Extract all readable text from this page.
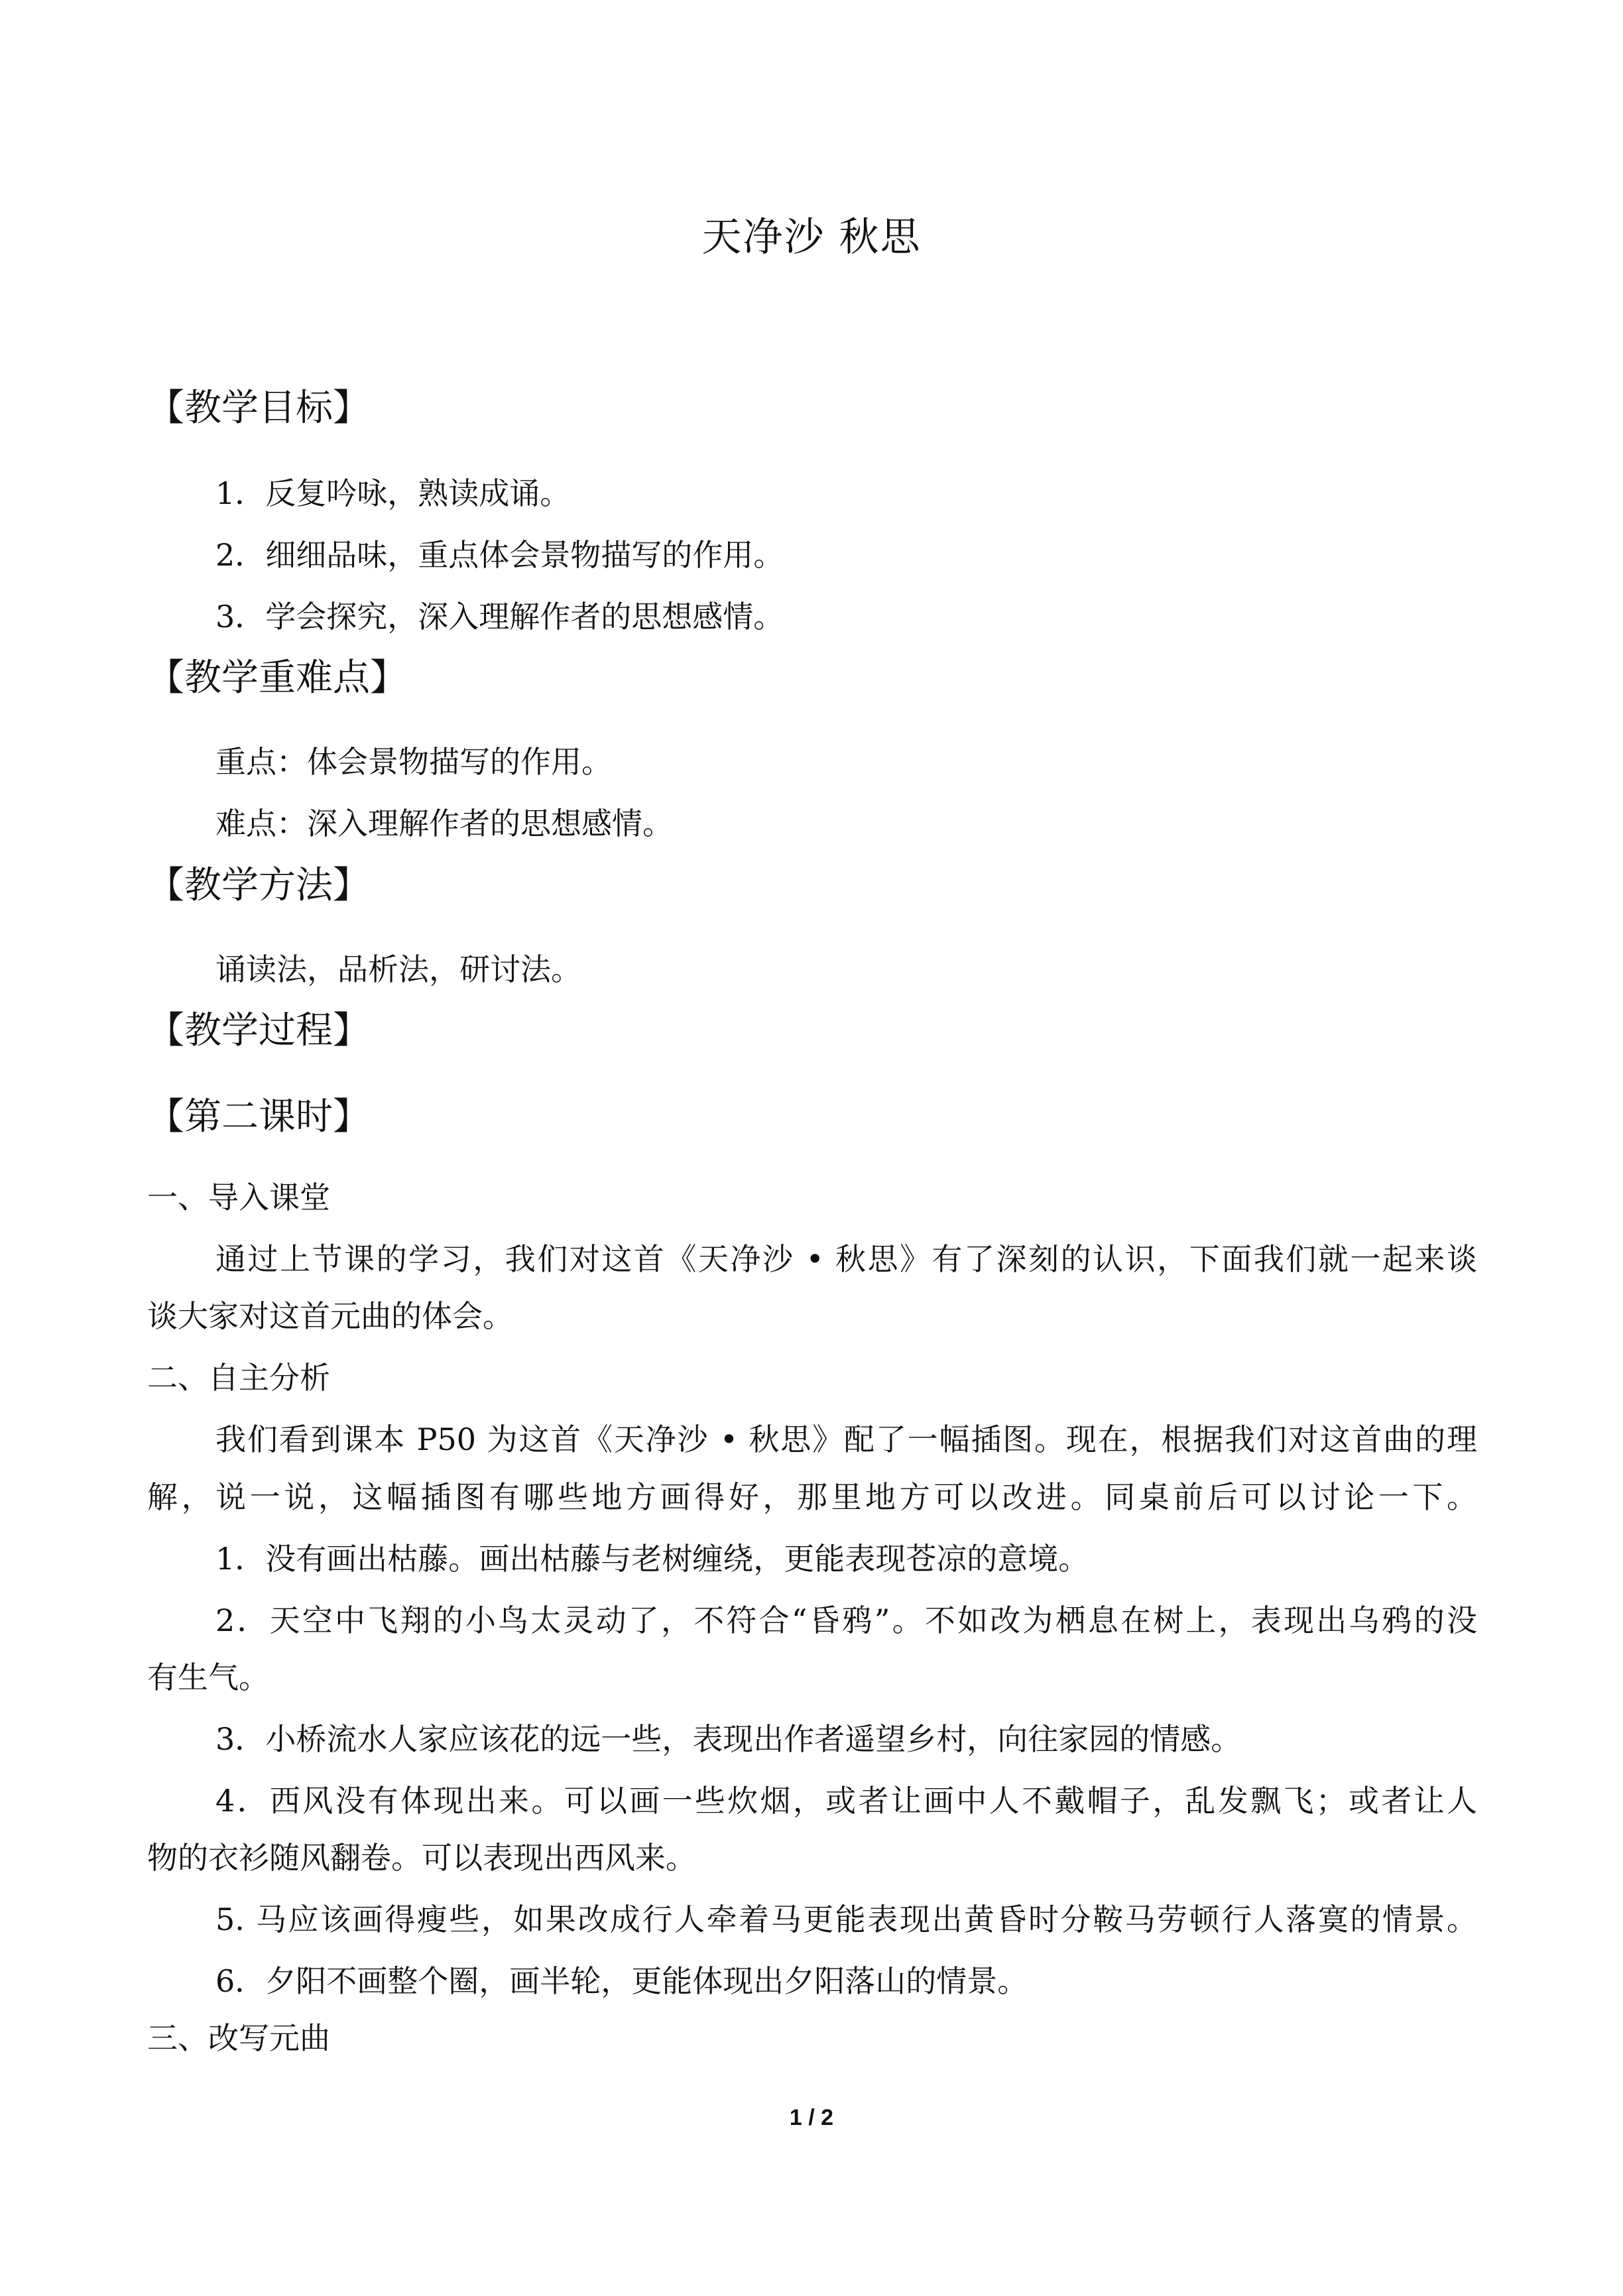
天净沙 秋思
【教学目标】
1．反复吟咏，熟读成诵。
2．细细品味，重点体会景物描写的作用。
3．学会探究，深入理解作者的思想感情。
【教学重难点】
重点：体会景物描写的作用。
难点：深入理解作者的思想感情。
【教学方法】
诵读法，品析法，研讨法。
【教学过程】
【第二课时】
一、导入课堂
通过上节课的学习，我们对这首《天净沙 • 秋思》有了深刻的认识，下面我们就一起来谈
谈大家对这首元曲的体会。
二、自主分析
我们看到课本 P50 为这首《天净沙 • 秋思》配了一幅插图。现在，根据我们对这首曲的理
解，说一说，这幅插图有哪些地方画得好，那里地方可以改进。同桌前后可以讨论一下。
1．没有画出枯藤。画出枯藤与老树缠绕，更能表现苍凉的意境。
2．天空中飞翔的小鸟太灵动了，不符合“昏鸦”。不如改为栖息在树上，表现出乌鸦的没
有生气。
3．小桥流水人家应该花的远一些，表现出作者遥望乡村，向往家园的情感。
4．西风没有体现出来。可以画一些炊烟，或者让画中人不戴帽子，乱发飘飞；或者让人
物的衣衫随风翻卷。可以表现出西风来。
5. 马应该画得瘦些，如果改成行人牵着马更能表现出黄昏时分鞍马劳顿行人落寞的情景。
6．夕阳不画整个圈，画半轮，更能体现出夕阳落山的情景。
三、改写元曲
1 / 2
